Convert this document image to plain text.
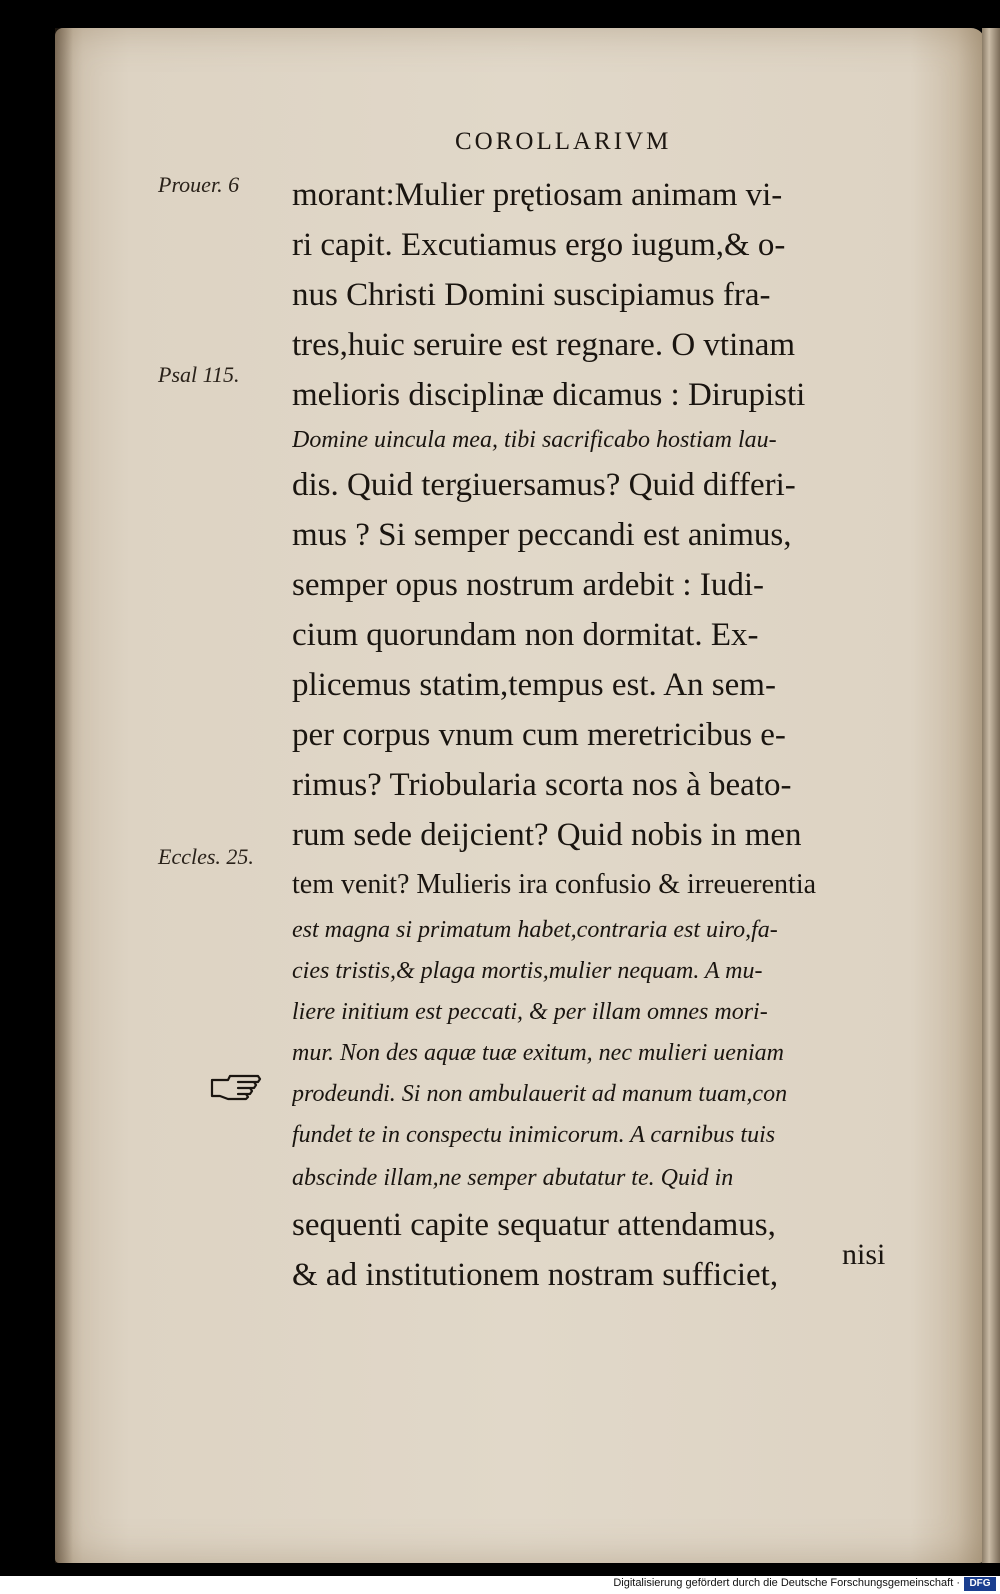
COROLLARIVM
Prouer. 6
Psal 115.
Eccles. 25.
morant:Mulier prętiosam animam vi-
ri capit. Excutiamus ergo iugum,& o-
nus Christi Domini suscipiamus fra-
tres,huic seruire est regnare. O vtinam
melioris disciplinæ dicamus : Dirupisti
Domine uincula mea, tibi sacrificabo hostiam lau-
dis. Quid tergiuersamus? Quid differi-
mus ? Si semper peccandi est animus,
semper opus nostrum ardebit : Iudi-
cium quorundam non dormitat. Ex-
plicemus statim,tempus est. An sem-
per corpus vnum cum meretricibus e-
rimus? Triobularia scorta nos à beato-
rum sede deijcient? Quid nobis in men
tem venit? Mulieris ira confusio & irreuerentia
est magna si primatum habet,contraria est uiro,fa-
cies tristis,& plaga mortis,mulier nequam. A mu-
liere initium est peccati, & per illam omnes mori-
mur. Non des aquæ tuæ exitum, nec mulieri ueniam
prodeundi. Si non ambulauerit ad manum tuam,con
fundet te in conspectu inimicorum. A carnibus tuis
abscinde illam,ne semper abutatur te. Quid in
sequenti capite sequatur attendamus,
& ad institutionem nostram sufficiet,
nisi
Digitalisierung gefördert durch die Deutsche Forschungsgemeinschaft · DFG
